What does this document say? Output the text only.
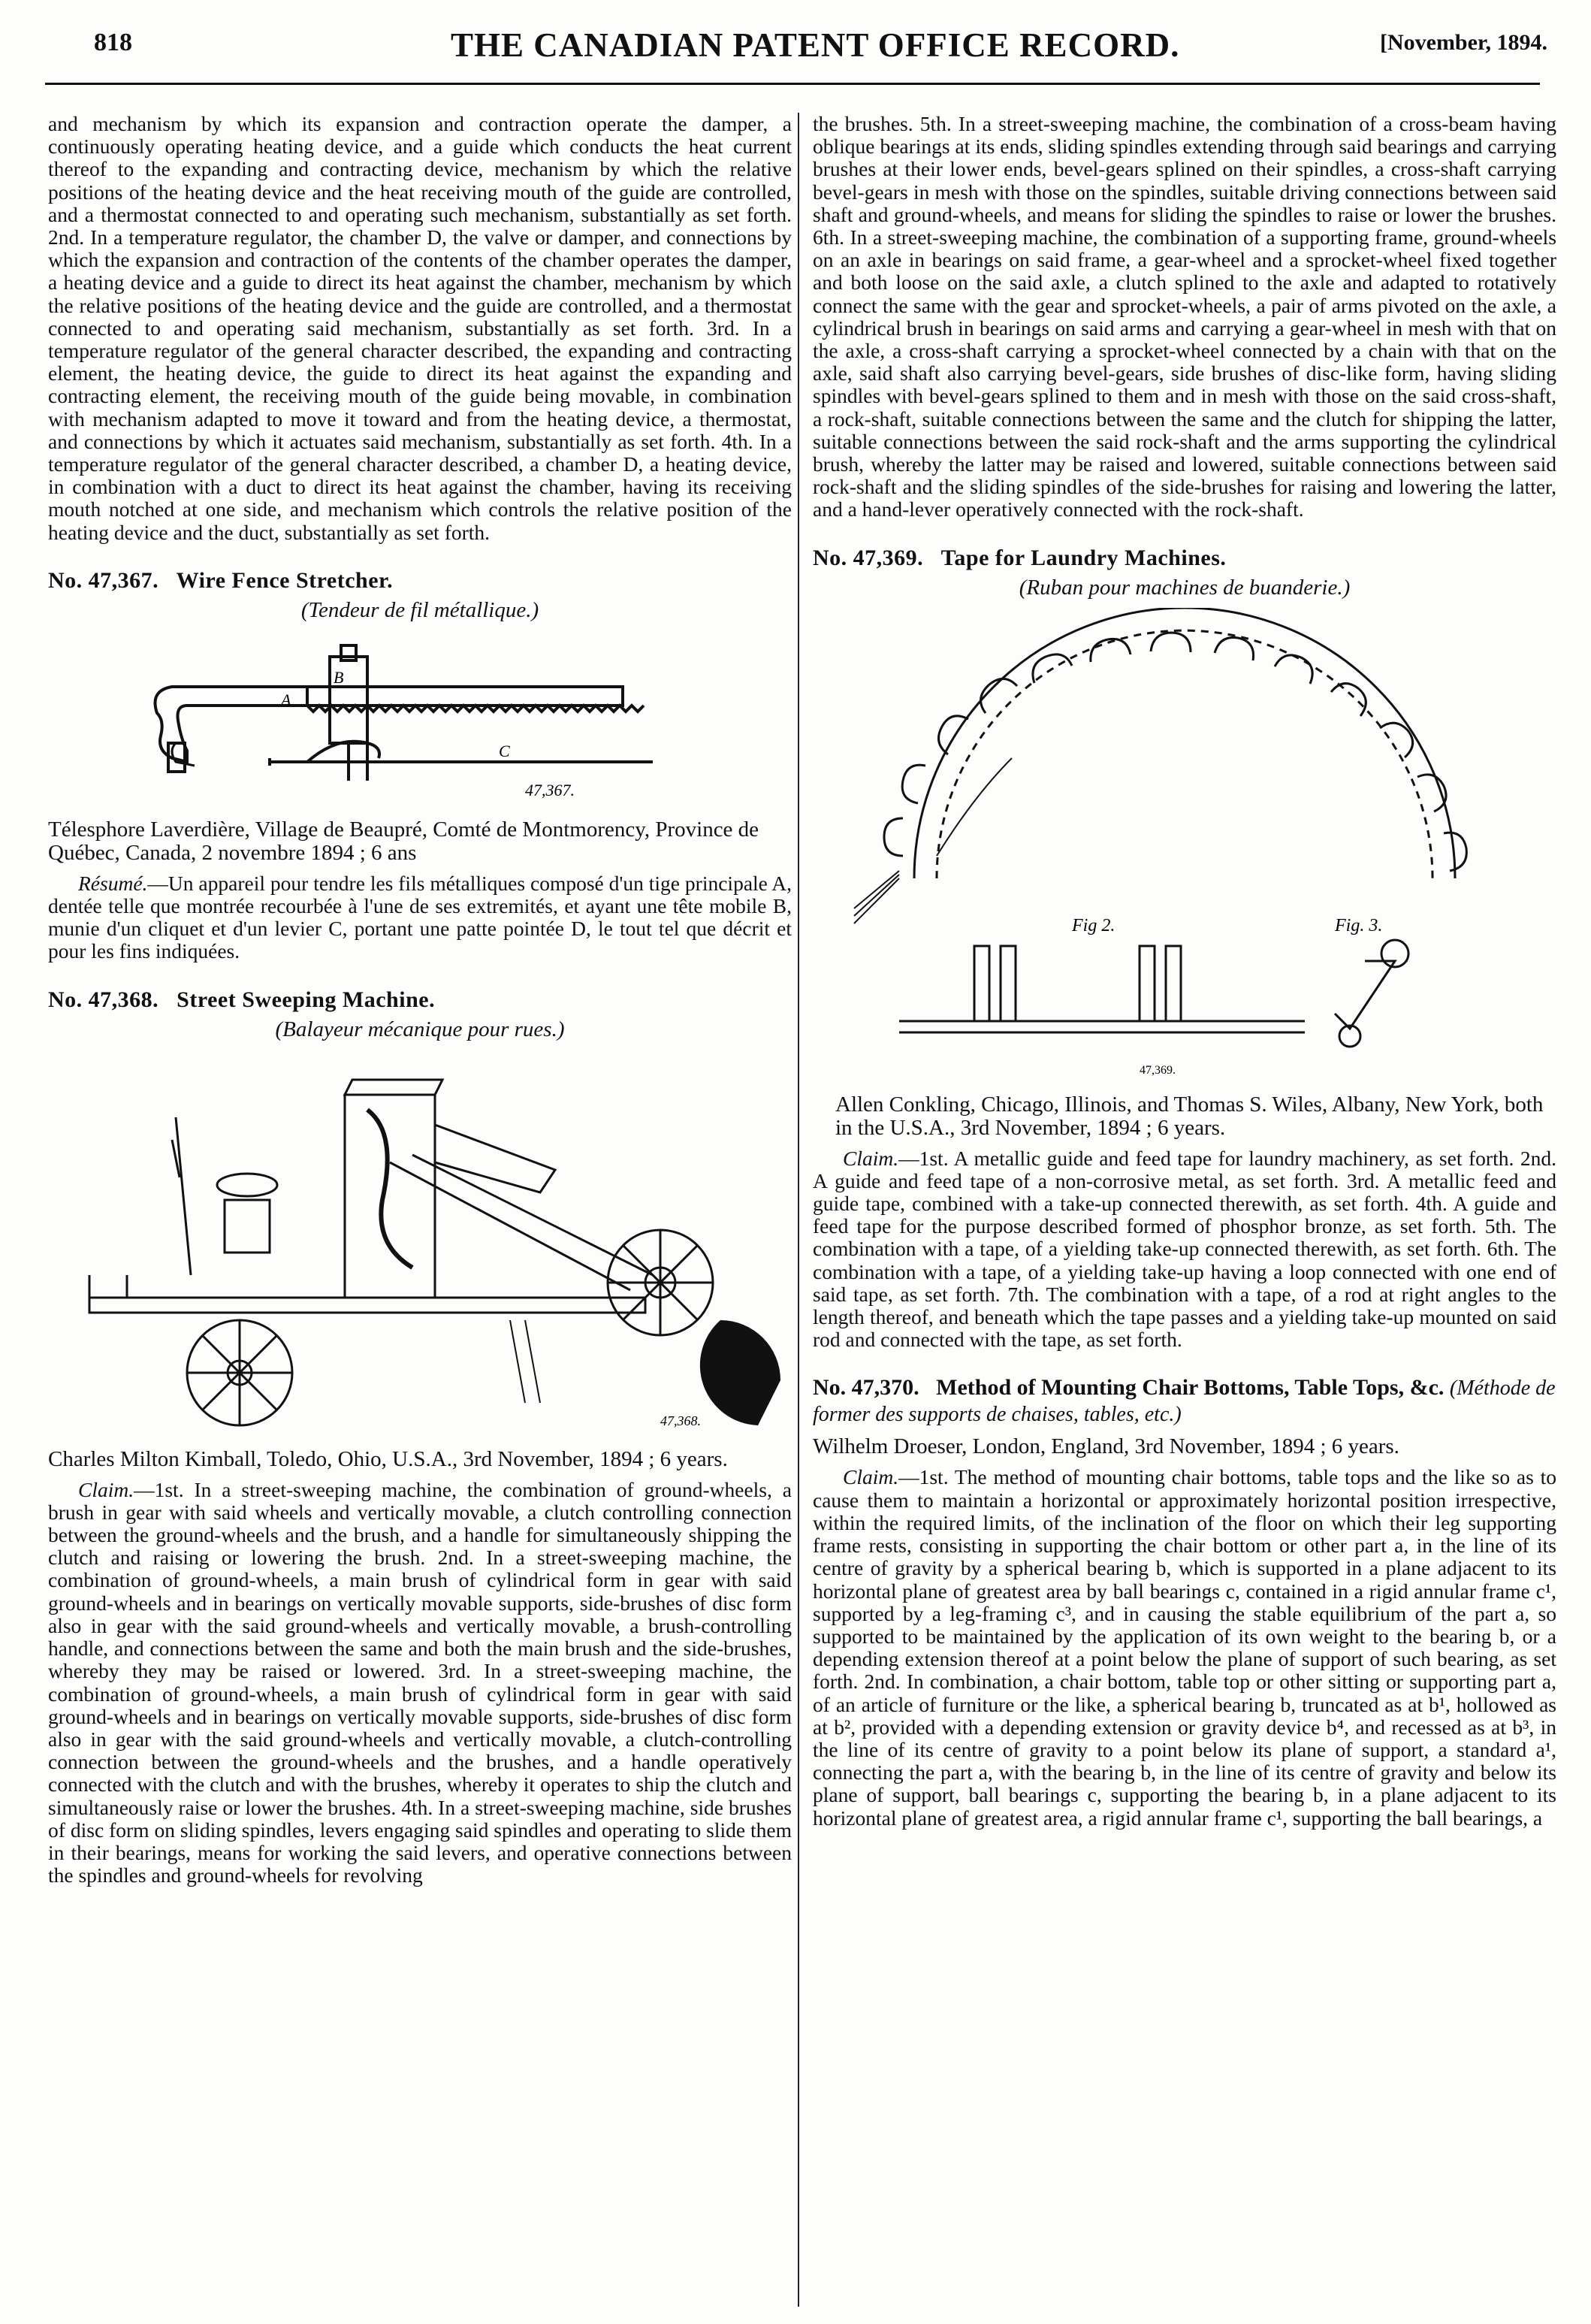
818	THE CANADIAN PATENT OFFICE RECORD.	[November, 1894.

and mechanism by which its expansion and contraction operate the damper, a continuously operating heating device, and a guide which conducts the heat current thereof to the expanding and contracting device, mechanism by which the relative positions of the heating device and the heat receiving mouth of the guide are controlled, and a thermostat connected to and operating such mechanism, substantially as set forth. 2nd. In a temperature regulator, the chamber D, the valve or damper, and connections by which the expansion and contraction of the contents of the chamber operates the damper, a heating device and a guide to direct its heat against the chamber, mechanism by which the relative positions of the heating device and the guide are controlled, and a thermostat connected to and operating said mechanism, substantially as set forth. 3rd. In a temperature regulator of the general character described, the expanding and contracting element, the heating device, the guide to direct its heat against the expanding and contracting element, the receiving mouth of the guide being movable, in combination with mechanism adapted to move it toward and from the heating device, a thermostat, and connections by which it actuates said mechanism, substantially as set forth. 4th. In a temperature regulator of the general character described, a chamber D, a heating device, in combination with a duct to direct its heat against the chamber, having its receiving mouth notched at one side, and mechanism which controls the relative position of the heating device and the duct, substantially as set forth.

No. 47,367. Wire Fence Stretcher.
(Tendeur de fil métallique.)
A
B
C
47,367.
Télesphore Laverdière, Village de Beaupré, Comté de Montmorency, Province de Québec, Canada, 2 novembre 1894 ; 6 ans

Résumé.—Un appareil pour tendre les fils métalliques composé d'un tige principale A, dentée telle que montrée recourbée à l'une de ses extremités, et ayant une tête mobile B, munie d'un cliquet et d'un levier C, portant une patte pointée D, le tout tel que décrit et pour les fins indiquées.

No. 47,368. Street Sweeping Machine.
(Balayeur mécanique pour rues.)
47,368.
Charles Milton Kimball, Toledo, Ohio, U.S.A., 3rd November, 1894 ; 6 years.

Claim.—1st. In a street-sweeping machine, the combination of ground-wheels, a brush in gear with said wheels and vertically movable, a clutch controlling connection between the ground-wheels and the brush, and a handle for simultaneously shipping the clutch and raising or lowering the brush. 2nd. In a street-sweeping machine, the combination of ground-wheels, a main brush of cylindrical form in gear with said ground-wheels and in bearings on vertically movable supports, side-brushes of disc form also in gear with the said ground-wheels and vertically movable, a brush-controlling handle, and connections between the same and both the main brush and the side-brushes, whereby they may be raised or lowered. 3rd. In a street-sweeping machine, the combination of ground-wheels, a main brush of cylindrical form in gear with said ground-wheels and in bearings on vertically movable supports, side-brushes of disc form also in gear with the said ground-wheels and vertically movable, a clutch-controlling connection between the ground-wheels and the brushes, and a handle operatively connected with the clutch and with the brushes, whereby it operates to ship the clutch and simultaneously raise or lower the brushes. 4th. In a street-sweeping machine, side brushes of disc form on sliding spindles, levers engaging said spindles and operating to slide them in their bearings, means for working the said levers, and operative connections between the spindles and ground-wheels for revolving

the brushes. 5th. In a street-sweeping machine, the combination of a cross-beam having oblique bearings at its ends, sliding spindles extending through said bearings and carrying brushes at their lower ends, bevel-gears splined on their spindles, a cross-shaft carrying bevel-gears in mesh with those on the spindles, suitable driving connections between said shaft and ground-wheels, and means for sliding the spindles to raise or lower the brushes. 6th. In a street-sweeping machine, the combination of a supporting frame, ground-wheels on an axle in bearings on said frame, a gear-wheel and a sprocket-wheel fixed together and both loose on the said axle, a clutch splined to the axle and adapted to rotatively connect the same with the gear and sprocket-wheels, a pair of arms pivoted on the axle, a cylindrical brush in bearings on said arms and carrying a gear-wheel in mesh with that on the axle, a cross-shaft carrying a sprocket-wheel connected by a chain with that on the axle, said shaft also carrying bevel-gears, side brushes of disc-like form, having sliding spindles with bevel-gears splined to them and in mesh with those on the said cross-shaft, a rock-shaft, suitable connections between the same and the clutch for shipping the latter, suitable connections between the said rock-shaft and the arms supporting the cylindrical brush, whereby the latter may be raised and lowered, suitable connections between said rock-shaft and the sliding spindles of the side-brushes for raising and lowering the latter, and a hand-lever operatively connected with the rock-shaft.

No. 47,369. Tape for Laundry Machines.
(Ruban pour machines de buanderie.)
Fig 2.	Fig. 3.
47,369.
Allen Conkling, Chicago, Illinois, and Thomas S. Wiles, Albany, New York, both in the U.S.A., 3rd November, 1894 ; 6 years.

Claim.—1st. A metallic guide and feed tape for laundry machinery, as set forth. 2nd. A guide and feed tape of a non-corrosive metal, as set forth. 3rd. A metallic feed and guide tape, combined with a take-up connected therewith, as set forth. 4th. A guide and feed tape for the purpose described formed of phosphor bronze, as set forth. 5th. The combination with a tape, of a yielding take-up connected therewith, as set forth. 6th. The combination with a tape, of a yielding take-up having a loop connected with one end of said tape, as set forth. 7th. The combination with a tape, of a rod at right angles to the length thereof, and beneath which the tape passes and a yielding take-up mounted on said rod and connected with the tape, as set forth.

No. 47,370. Method of Mounting Chair Bottoms, Table Tops, &c. (Méthode de former des supports de chaises, tables, etc.)
Wilhelm Droeser, London, England, 3rd November, 1894 ; 6 years.

Claim.—1st. The method of mounting chair bottoms, table tops and the like so as to cause them to maintain a horizontal or approximately horizontal position irrespective, within the required limits, of the inclination of the floor on which their leg supporting frame rests, consisting in supporting the chair bottom or other part a, in the line of its centre of gravity by a spherical bearing b, which is supported in a plane adjacent to its horizontal plane of greatest area by ball bearings c, contained in a rigid annular frame c¹, supported by a leg-framing c³, and in causing the stable equilibrium of the part a, so supported to be maintained by the application of its own weight to the bearing b, or a depending extension thereof at a point below the plane of support of such bearing, as set forth. 2nd. In combination, a chair bottom, table top or other sitting or supporting part a, of an article of furniture or the like, a spherical bearing b, truncated as at b¹, hollowed as at b², provided with a depending extension or gravity device b⁴, and recessed as at b³, in the line of its centre of gravity to a point below its plane of support, a standard a¹, connecting the part a, with the bearing b, in the line of its centre of gravity and below its plane of support, ball bearings c, supporting the bearing b, in a plane adjacent to its horizontal plane of greatest area, a rigid annular frame c¹, supporting the ball bearings, a
